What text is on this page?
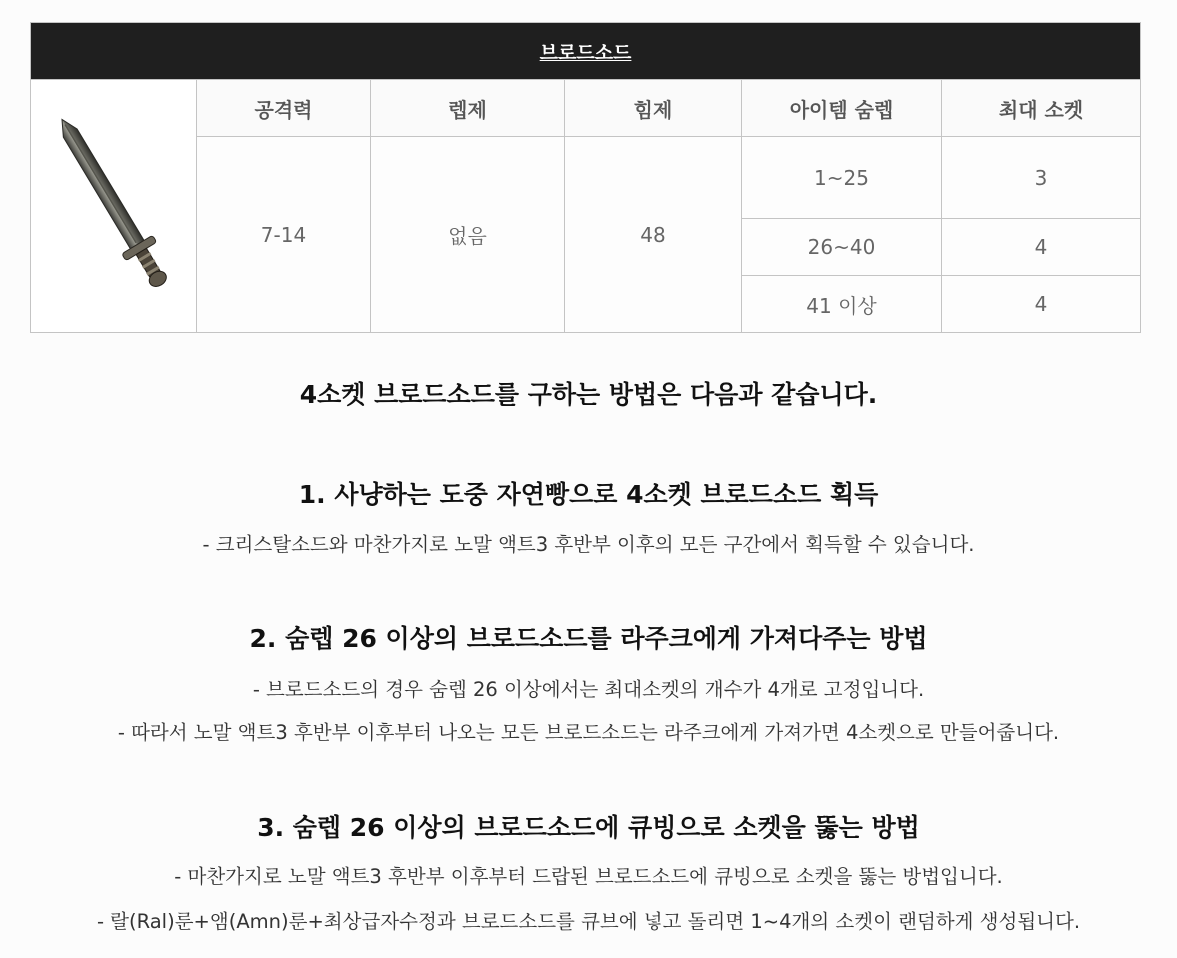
브로드소드					

	공격력	렙제	힘제	아이템 숨렙	최대 소켓
	7-14	없음	48	1~25	3
				26~40	4
				41 이상	4

4소켓 브로드소드를 구하는 방법은 다음과 같습니다.

1. 사냥하는 도중 자연빵으로 4소켓 브로드소드 획득

- 크리스탈소드와 마찬가지로 노말 액트3 후반부 이후의 모든 구간에서 획득할 수 있습니다.

2. 숨렙 26 이상의 브로드소드를 라주크에게 가져다주는 방법

- 브로드소드의 경우 숨렙 26 이상에서는 최대소켓의 개수가 4개로 고정입니다.

- 따라서 노말 액트3 후반부 이후부터 나오는 모든 브로드소드는 라주크에게 가져가면 4소켓으로 만들어줍니다.

3. 숨렙 26 이상의 브로드소드에 큐빙으로 소켓을 뚫는 방법

- 마찬가지로 노말 액트3 후반부 이후부터 드랍된 브로드소드에 큐빙으로 소켓을 뚫는 방법입니다.

- 랄(Ral)룬+앰(Amn)룬+최상급자수정과 브로드소드를 큐브에 넣고 돌리면 1~4개의 소켓이 랜덤하게 생성됩니다.
